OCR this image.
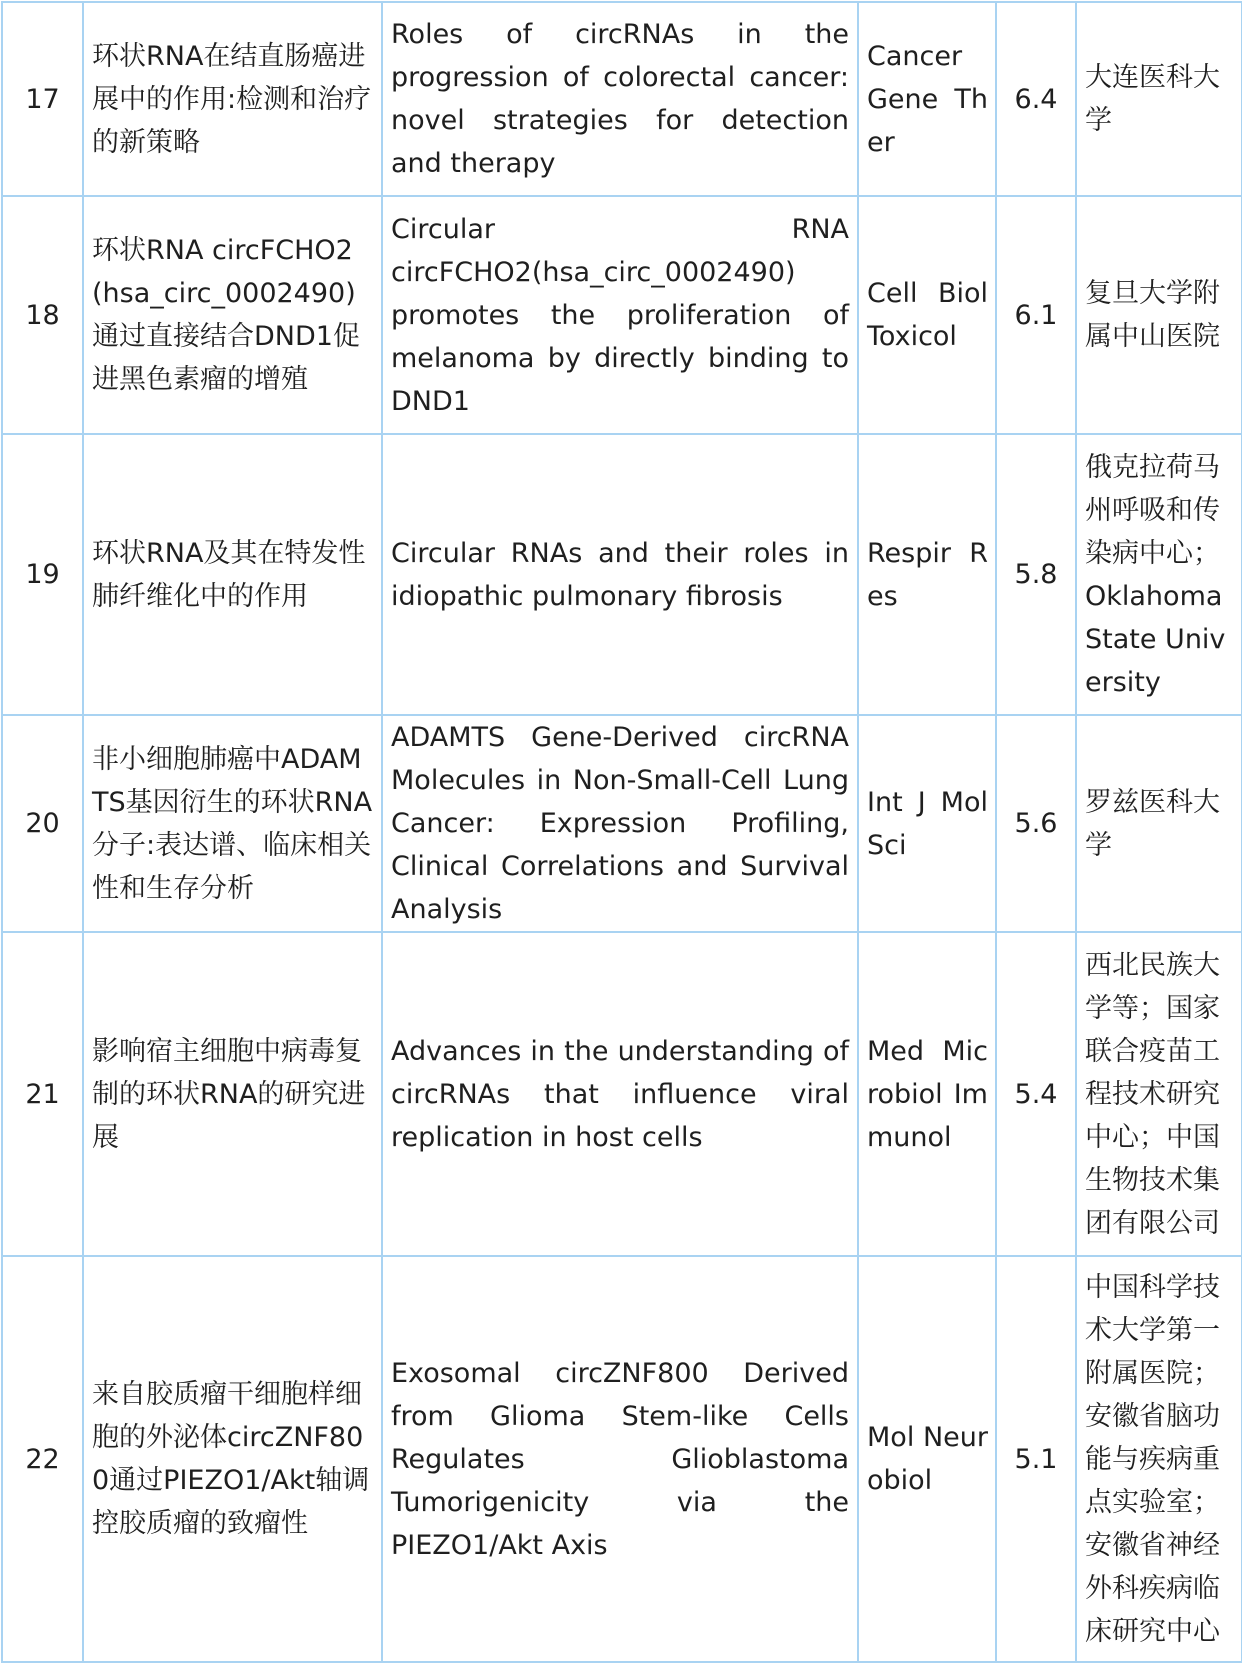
17	环状RNA在结直肠癌进展中的作用:检测和治疗的新策略	Roles of circRNAs in the progression of colorectal cancer: novel strategies for detection and therapy	Cancer Gene Ther	6.4	大连医科大学
18	环状RNA circFCHO2(hsa_circ_0002490)通过直接结合DND1促进黑色素瘤的增殖	Circular RNA circFCHO2(hsa_circ_0002490) promotes the proliferation of melanoma by directly binding to DND1	Cell Biol Toxicol	6.1	复旦大学附属中山医院
19	环状RNA及其在特发性肺纤维化中的作用	Circular RNAs and their roles in idiopathic pulmonary fibrosis	Respir Res	5.8	俄克拉荷马州呼吸和传染病中心；Oklahoma State University
20	非小细胞肺癌中ADAMTS基因衍生的环状RNA分子:表达谱、临床相关性和生存分析	ADAMTS Gene-Derived circRNA Molecules in Non-Small-Cell Lung Cancer: Expression Profiling, Clinical Correlations and Survival Analysis	Int J Mol Sci	5.6	罗兹医科大学
21	影响宿主细胞中病毒复制的环状RNA的研究进展	Advances in the understanding of circRNAs that influence viral replication in host cells	Med Microbiol Immunol	5.4	西北民族大学等；国家联合疫苗工程技术研究中心；中国生物技术集团有限公司
22	来自胶质瘤干细胞样细胞的外泌体circZNF800通过PIEZO1/Akt轴调控胶质瘤的致瘤性	Exosomal circZNF800 Derived from Glioma Stem-like Cells Regulates Glioblastoma Tumorigenicity via the PIEZO1/Akt Axis	Mol Neurobiol	5.1	中国科学技术大学第一附属医院；安徽省脑功能与疾病重点实验室；安徽省神经外科疾病临床研究中心
